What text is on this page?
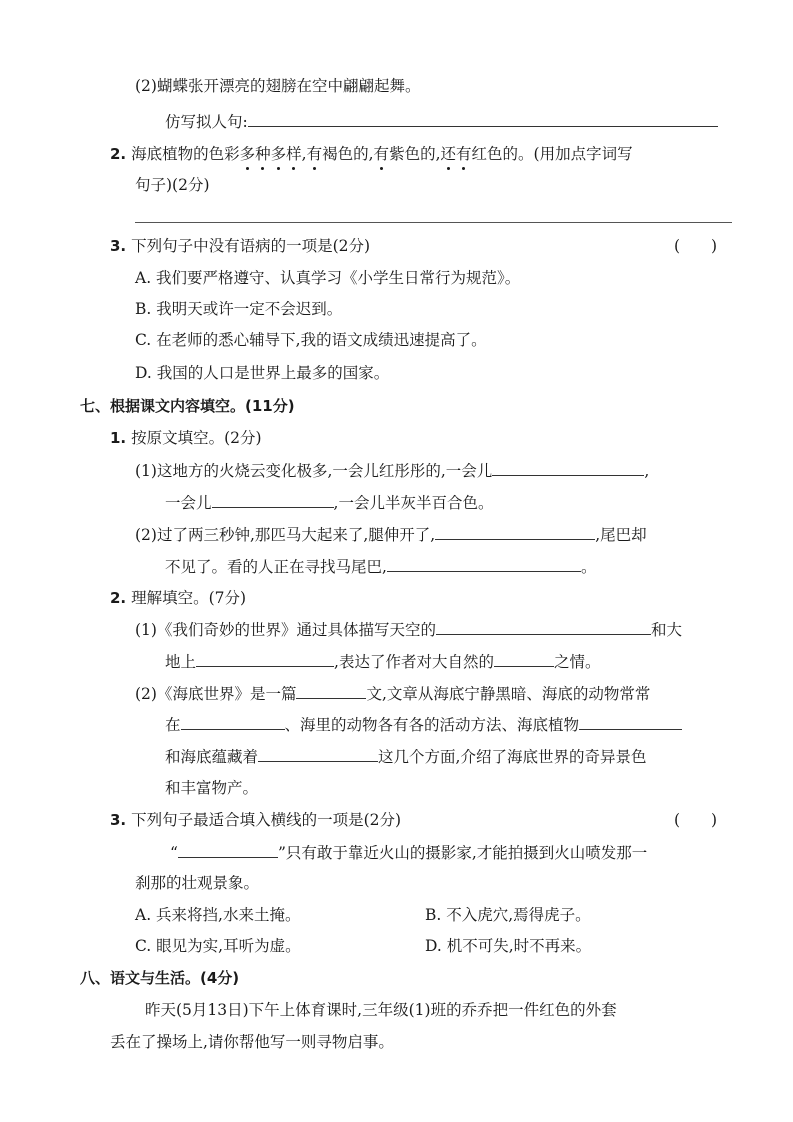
(2)蝴蝶张开漂亮的翅膀在空中翩翩起舞。
仿写拟人句:
2. 海底植物的色彩多种多样,有褐色的,有紫色的,还有红色的。(用加点字词写
句子)(2分)
3. 下列句子中没有语病的一项是(2分)	(　　)
A. 我们要严格遵守、认真学习《小学生日常行为规范》。
B. 我明天或许一定不会迟到。
C. 在老师的悉心辅导下,我的语文成绩迅速提高了。
D. 我国的人口是世界上最多的国家。
七、根据课文内容填空。(11分)
1. 按原文填空。(2分)
(1)这地方的火烧云变化极多,一会儿红彤彤的,一会儿	,
一会儿	,一会儿半灰半百合色。
(2)过了两三秒钟,那匹马大起来了,腿伸开了,	,尾巴却
不见了。看的人正在寻找马尾巴,	。
2. 理解填空。(7分)
(1)《我们奇妙的世界》通过具体描写天空的	和大
地上	,表达了作者对大自然的	之情。
(2)《海底世界》是一篇	文,文章从海底宁静黑暗、海底的动物常常
在	、海里的动物各有各的活动方法、海底植物
和海底蕴藏着	这几个方面,介绍了海底世界的奇异景色
和丰富物产。
3. 下列句子最适合填入横线的一项是(2分)	(　　)
“	”只有敢于靠近火山的摄影家,才能拍摄到火山喷发那一
刹那的壮观景象。
A. 兵来将挡,水来土掩。	B. 不入虎穴,焉得虎子。
C. 眼见为实,耳听为虚。	D. 机不可失,时不再来。
八、语文与生活。(4分)
昨天(5月13日)下午上体育课时,三年级(1)班的乔乔把一件红色的外套
丢在了操场上,请你帮他写一则寻物启事。
